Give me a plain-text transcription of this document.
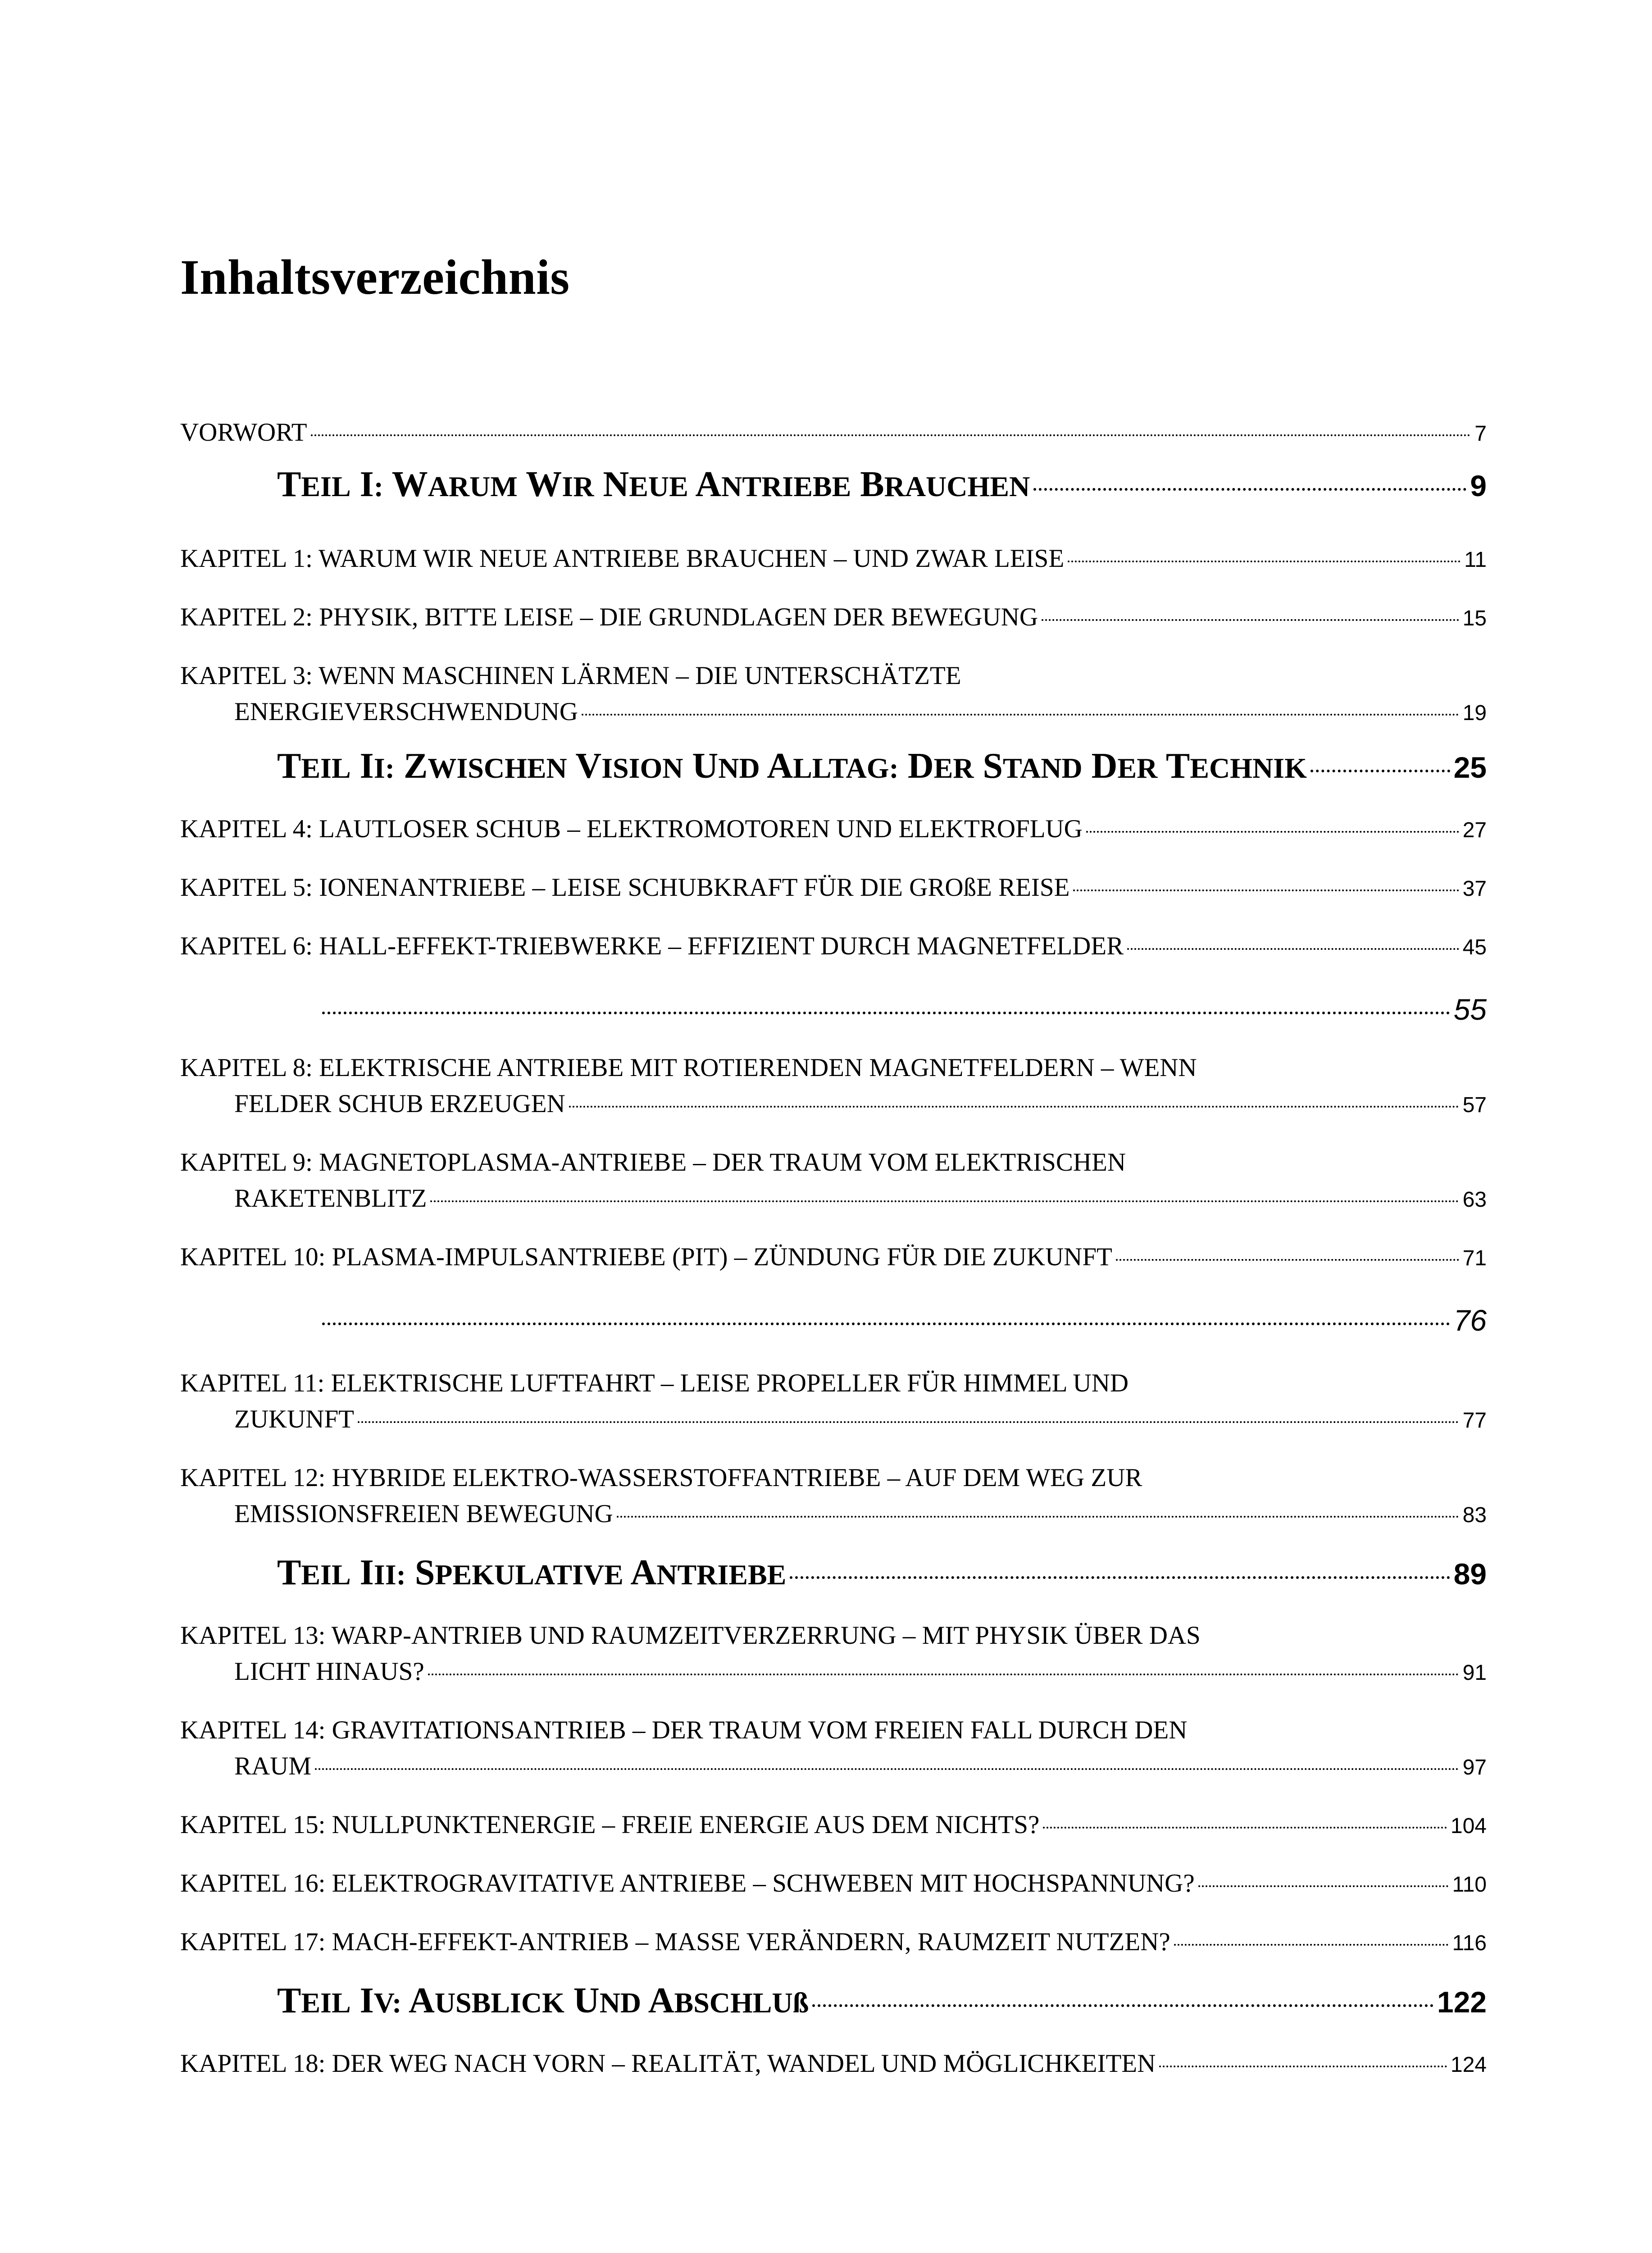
Inhaltsverzeichnis
VORWORT	7
TEIL I: WARUM WIR NEUE ANTRIEBE BRAUCHEN	9
KAPITEL 1: WARUM WIR NEUE ANTRIEBE BRAUCHEN – UND ZWAR LEISE	11
KAPITEL 2: PHYSIK, BITTE LEISE – DIE GRUNDLAGEN DER BEWEGUNG	15
KAPITEL 3: WENN MASCHINEN LÄRMEN – DIE UNTERSCHÄTZTE
ENERGIEVERSCHWENDUNG	19
TEIL II: ZWISCHEN VISION UND ALLTAG: DER STAND DER TECHNIK	25
KAPITEL 4: LAUTLOSER SCHUB – ELEKTROMOTOREN UND ELEKTROFLUG	27
KAPITEL 5: IONENANTRIEBE – LEISE SCHUBKRAFT FÜR DIE GROßE REISE	37
KAPITEL 6: HALL-EFFEKT-TRIEBWERKE – EFFIZIENT DURCH MAGNETFELDER	45
55
KAPITEL 8: ELEKTRISCHE ANTRIEBE MIT ROTIERENDEN MAGNETFELDERN – WENN
FELDER SCHUB ERZEUGEN	57
KAPITEL 9: MAGNETOPLASMA-ANTRIEBE – DER TRAUM VOM ELEKTRISCHEN
RAKETENBLITZ	63
KAPITEL 10: PLASMA-IMPULSANTRIEBE (PIT) – ZÜNDUNG FÜR DIE ZUKUNFT	71
76
KAPITEL 11: ELEKTRISCHE LUFTFAHRT – LEISE PROPELLER FÜR HIMMEL UND
ZUKUNFT	77
KAPITEL 12: HYBRIDE ELEKTRO-WASSERSTOFFANTRIEBE – AUF DEM WEG ZUR
EMISSIONSFREIEN BEWEGUNG	83
TEIL III: SPEKULATIVE ANTRIEBE	89
KAPITEL 13: WARP-ANTRIEB UND RAUMZEITVERZERRUNG – MIT PHYSIK ÜBER DAS
LICHT HINAUS?	91
KAPITEL 14: GRAVITATIONSANTRIEB – DER TRAUM VOM FREIEN FALL DURCH DEN
RAUM	97
KAPITEL 15: NULLPUNKTENERGIE – FREIE ENERGIE AUS DEM NICHTS?	104
KAPITEL 16: ELEKTROGRAVITATIVE ANTRIEBE – SCHWEBEN MIT HOCHSPANNUNG?	110
KAPITEL 17: MACH-EFFEKT-ANTRIEB – MASSE VERÄNDERN, RAUMZEIT NUTZEN?	116
TEIL IV: AUSBLICK UND ABSCHLUß	122
KAPITEL 18: DER WEG NACH VORN – REALITÄT, WANDEL UND MÖGLICHKEITEN	124
